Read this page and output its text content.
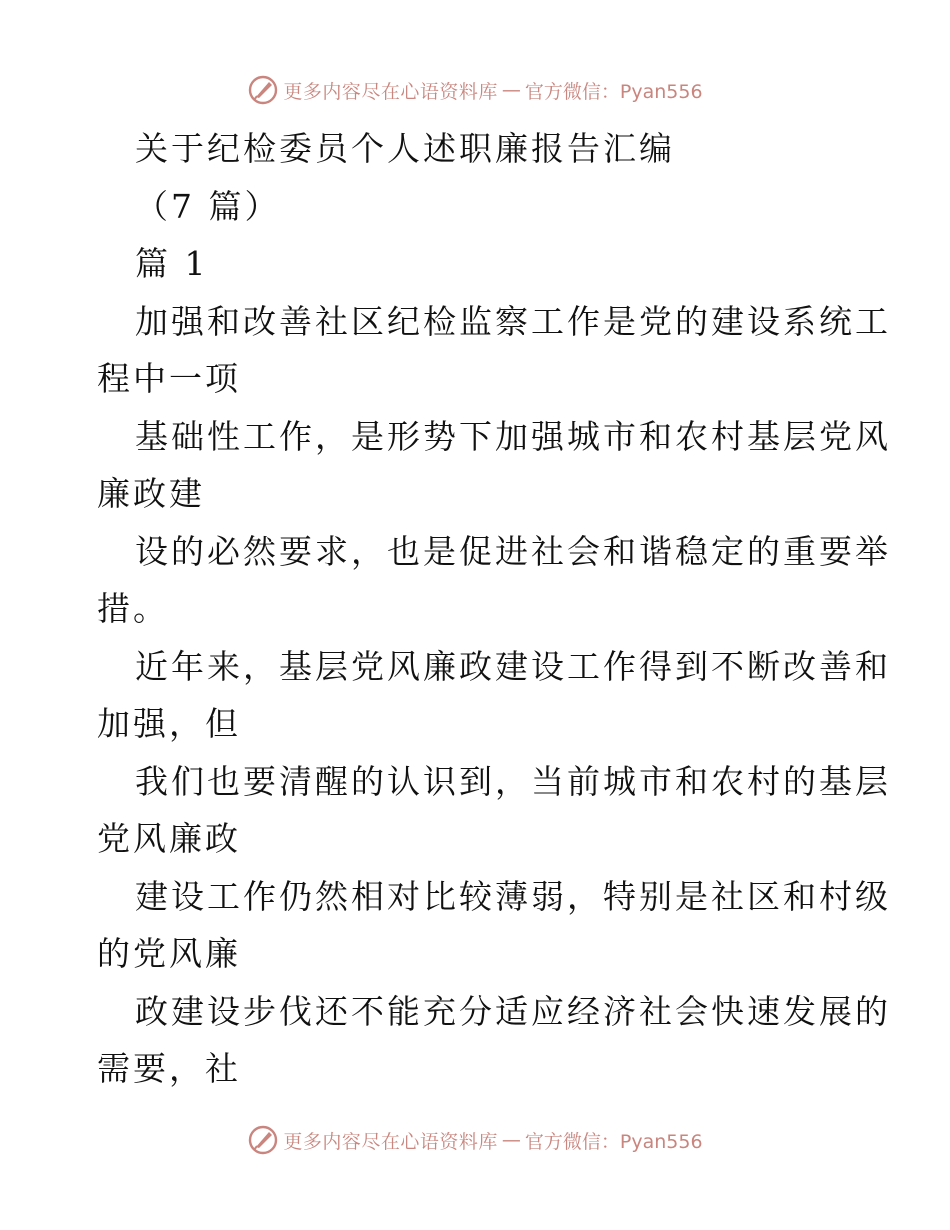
更多内容尽在心语资料库 — 官方微信：Pyan556
关于纪检委员个人述职廉报告汇编
（7 篇）
篇 1
加强和改善社区纪检监察工作是党的建设系统工
程中一项
基础性工作，是形势下加强城市和农村基层党风
廉政建
设的必然要求，也是促进社会和谐稳定的重要举
措。
近年来，基层党风廉政建设工作得到不断改善和
加强，但
我们也要清醒的认识到，当前城市和农村的基层
党风廉政
建设工作仍然相对比较薄弱，特别是社区和村级
的党风廉
政建设步伐还不能充分适应经济社会快速发展的
需要，社
更多内容尽在心语资料库 — 官方微信：Pyan556
